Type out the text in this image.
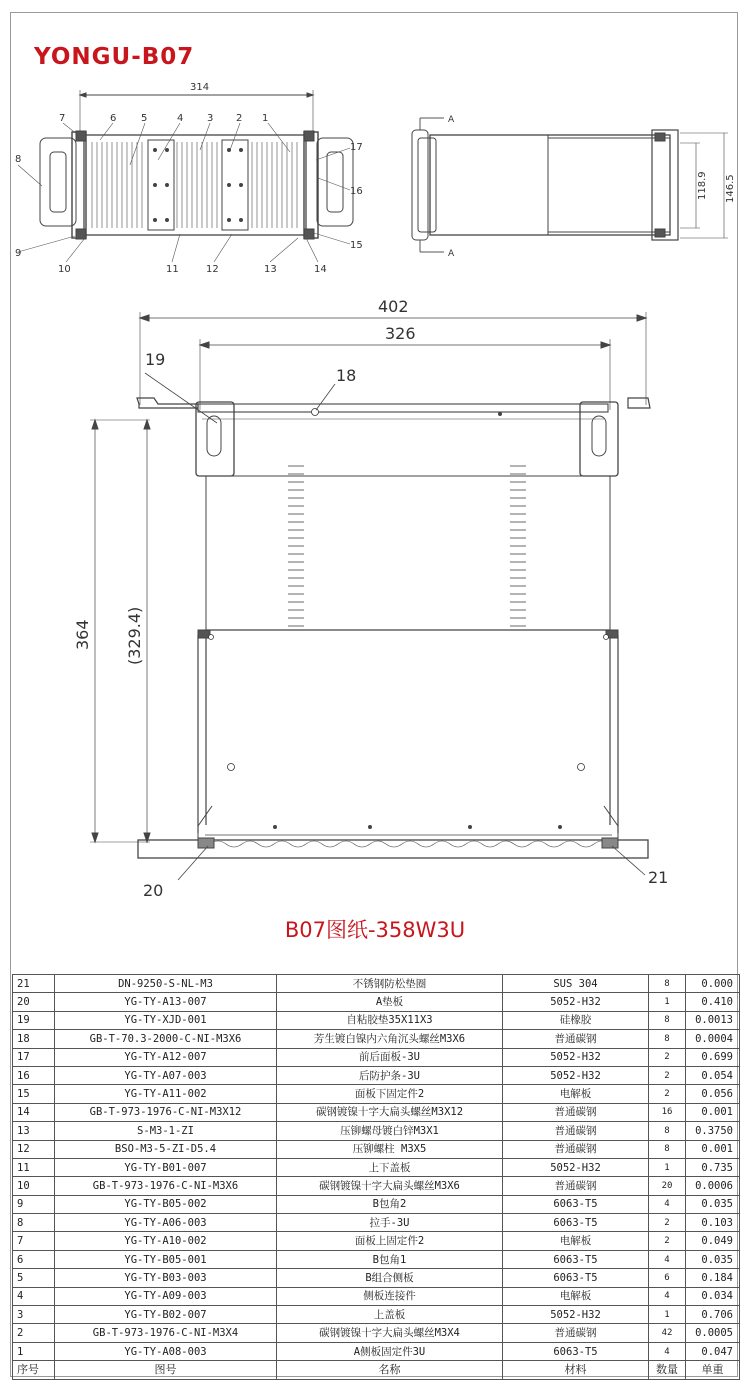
YONGU-B07
314
1
2
3
4
5
6
7
8
9
10	11	12	13	14
15
16
17
A
A
118.9 146.5
402
326
364 (329.4)
19
18
20
21
B07图纸-358W3U
21	DN-9250-S-NL-M3	不锈钢防松垫圈	SUS 304	8	0.000
20	YG-TY-A13-007	A垫板	5052-H32	1	0.410
19	YG-TY-XJD-001	自粘胶垫35X11X3	硅橡胶	8	0.0013
18	GB-T-70.3-2000-C-NI-M3X6	芳生镀白镍内六角沉头螺丝M3X6	普通碳钢	8	0.0004
17	YG-TY-A12-007	前后面板-3U	5052-H32	2	0.699
16	YG-TY-A07-003	后防护条-3U	5052-H32	2	0.054
15	YG-TY-A11-002	面板下固定件2	电解板	2	0.056
14	GB-T-973-1976-C-NI-M3X12	碳钢镀镍十字大扁头螺丝M3X12	普通碳钢	16	0.001
13	S-M3-1-ZI	压铆螺母镀白锌M3X1	普通碳钢	8	0.3750
12	BSO-M3-5-ZI-D5.4	压铆螺柱 M3X5	普通碳钢	8	0.001
11	YG-TY-B01-007	上下盖板	5052-H32	1	0.735
10	GB-T-973-1976-C-NI-M3X6	碳钢镀镍十字大扁头螺丝M3X6	普通碳钢	20	0.0006
9	YG-TY-B05-002	B包角2	6063-T5	4	0.035
8	YG-TY-A06-003	拉手-3U	6063-T5	2	0.103
7	YG-TY-A10-002	面板上固定件2	电解板	2	0.049
6	YG-TY-B05-001	B包角1	6063-T5	4	0.035
5	YG-TY-B03-003	B组合侧板	6063-T5	6	0.184
4	YG-TY-A09-003	侧板连接件	电解板	4	0.034
3	YG-TY-B02-007	上盖板	5052-H32	1	0.706
2	GB-T-973-1976-C-NI-M3X4	碳钢镀镍十字大扁头螺丝M3X4	普通碳钢	42	0.0005
1	YG-TY-A08-003	A侧板固定件3U	6063-T5	4	0.047
序号	图号	名称	材料	数量	单重
